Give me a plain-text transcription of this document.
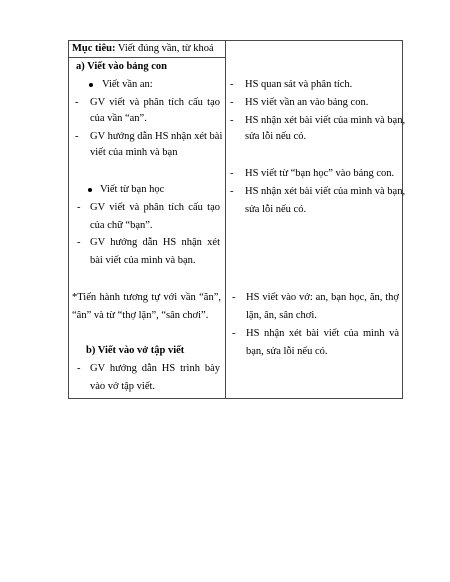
Mục tiêu: Viết đúng vần, từ khoá
a) Viết vào bảng con
Viết vần an:
- GV viết và phân tích cấu tạo
của vần “an”.
- GV hướng dẫn HS nhận xét bài
viết của mình và bạn
Viết từ bạn học
- GV viết và phân tích cấu tạo
của chữ “bạn”.
- GV hướng dẫn HS nhận xét
bài viết của mình và bạn.
*Tiến hành tương tự với vần “ăn”,
“ân” và từ “thợ lặn”, “sân chơi”.
b) Viết vào vở tập viết
- GV hướng dẫn HS trình bày
vào vở tập viết.
- HS quan sát và phân tích.
- HS viết vần an vào bảng con.
- HS nhận xét bài viết của mình và bạn,
sửa lỗi nếu có.
- HS viết từ “bạn học” vào bảng con.
- HS nhận xét bài viết của mình và bạn,
sửa lỗi nếu có.
- HS viết vào vở: an, bạn học, ăn, thợ
lặn, ân, sân chơi.
- HS nhận xét bài viết của mình và
bạn, sửa lỗi nếu có.
